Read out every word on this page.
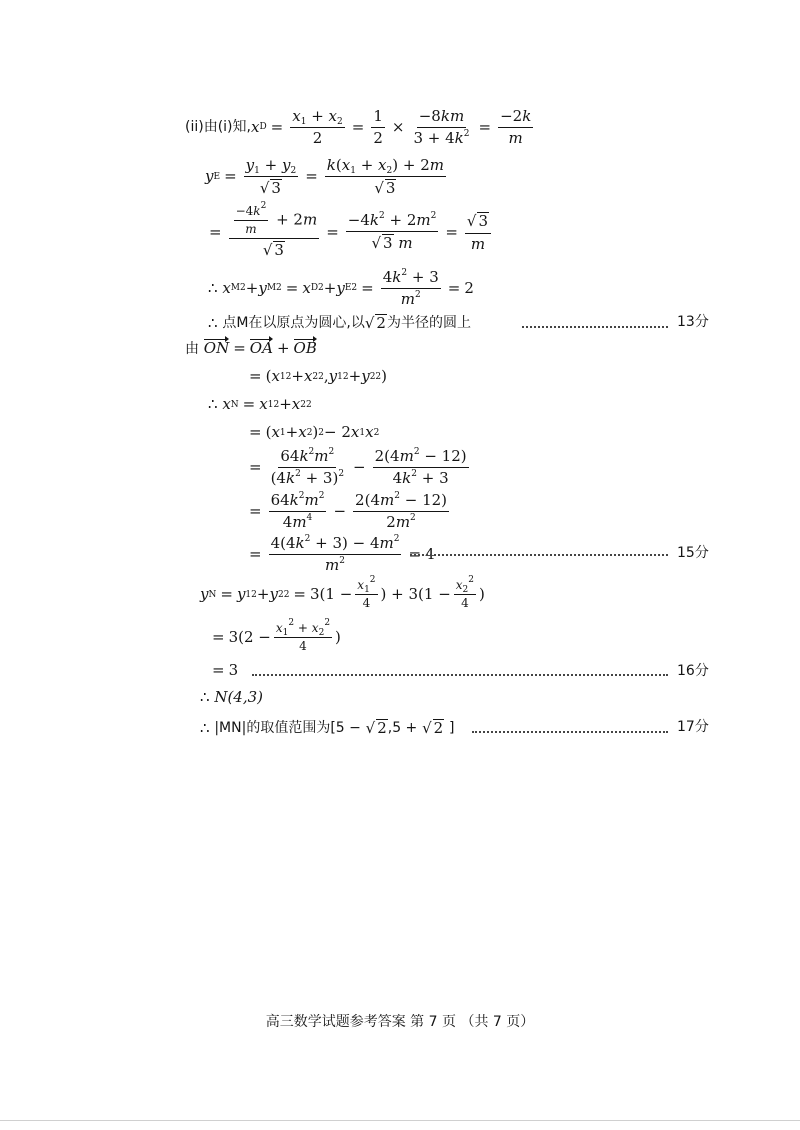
(ii) 由(i)知, x $D = \frac{x_1 + x_2}{2} = \frac{1}{2} \times \frac{-8km}{3 + 4k^2} = \frac{-2k}{m}$
y $E = \frac{y_1 + y_2}{√ 3} = \frac{k(x_1 + x_2) + 2m}{√ 3}$
= $\frac{\frac{-4k^2}{m} + 2m}{√ 3} = \frac{-4k^2 + 2m^2}{√ 3 m} = \frac{√ 3}{m}$
∴
x M 2 + y M 2 = x D 2 + y E $2 = \frac{4k^2 + 3}{m^2} = 2$
∴
点M在以原点为圆心,以 √ 2 为半径的圆上	13分
由
ON = OA + OB
= ( x 1 2 + x 2 2 , y 1 2 + y 2 2 )
∴
x N = x 1 2 + x 2 2
= ( x 1 + x 2 ) 2 − 2 x 1 x 2
= $\frac{64k^2m^2}{(4k^2 + 3)^2} - \frac{2(4m^2 - 12)}{4k^2 + 3}$
= $\frac{64k^2m^2}{4m^4} - \frac{2(4m^2 - 12)}{2m^2}$
= $\frac{4(4k^2 + 3) - 4m^2}{m^2} = 4$	15分
y N = y 1 2 + y 2 $2 = 3(1 - \frac{x_1^2}{4}$ ) + $3(1 - \frac{x_2^2}{4}$ )
= $3(2 - \frac{x_1^2 + x_2^2}{4}$ )
= 3	16分
∴
N(4,3)
∴
|MN|的取值范围为[5 − √ 2 ,5 + √ 2
]	17分
高三数学试题参考答案 第 7 页 （共 7 页）
